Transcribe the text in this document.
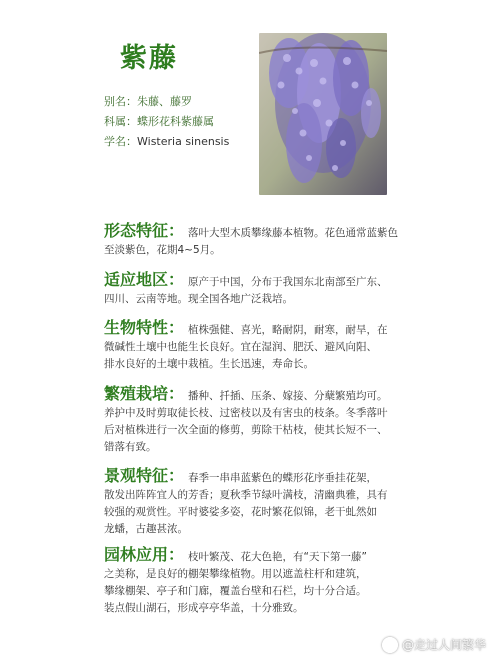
紫藤
别名：朱藤、藤罗
科属：蝶形花科紫藤属
学名：Wisteria sinensis
形态特征： 落叶大型木质攀缘藤本植物。花色通常蓝紫色
至淡紫色，花期4~5月。
适应地区： 原产于中国，分布于我国东北南部至广东、
四川、云南等地。现全国各地广泛栽培。
生物特性： 植株强健、喜光，略耐阴，耐寒，耐旱，在
微碱性土壤中也能生长良好。宜在湿润、肥沃、避风向阳、
排水良好的土壤中栽植。生长迅速，寿命长。
繁殖栽培： 播种、扦插、压条、嫁接、分蘖繁殖均可。
养护中及时剪取徒长枝、过密枝以及有害虫的枝条。冬季落叶
后对植株进行一次全面的修剪，剪除干枯枝，使其长短不一、
错落有致。
景观特征： 春季一串串蓝紫色的蝶形花序垂挂花架，
散发出阵阵宜人的芳香；夏秋季节绿叶满枝，清幽典雅，具有
较强的观赏性。平时婆娑多姿，花时繁花似锦，老干虬然如
龙蟠，古趣甚浓。
园林应用： 枝叶繁茂、花大色艳，有“天下第一藤”
之美称，是良好的棚架攀缘植物。用以遮盖柱杆和建筑，
攀缘棚架、亭子和门廊，覆盖台壁和石栏，均十分合适。
装点假山湖石，形成亭亭华盖，十分雅致。
@走过人间繁华
